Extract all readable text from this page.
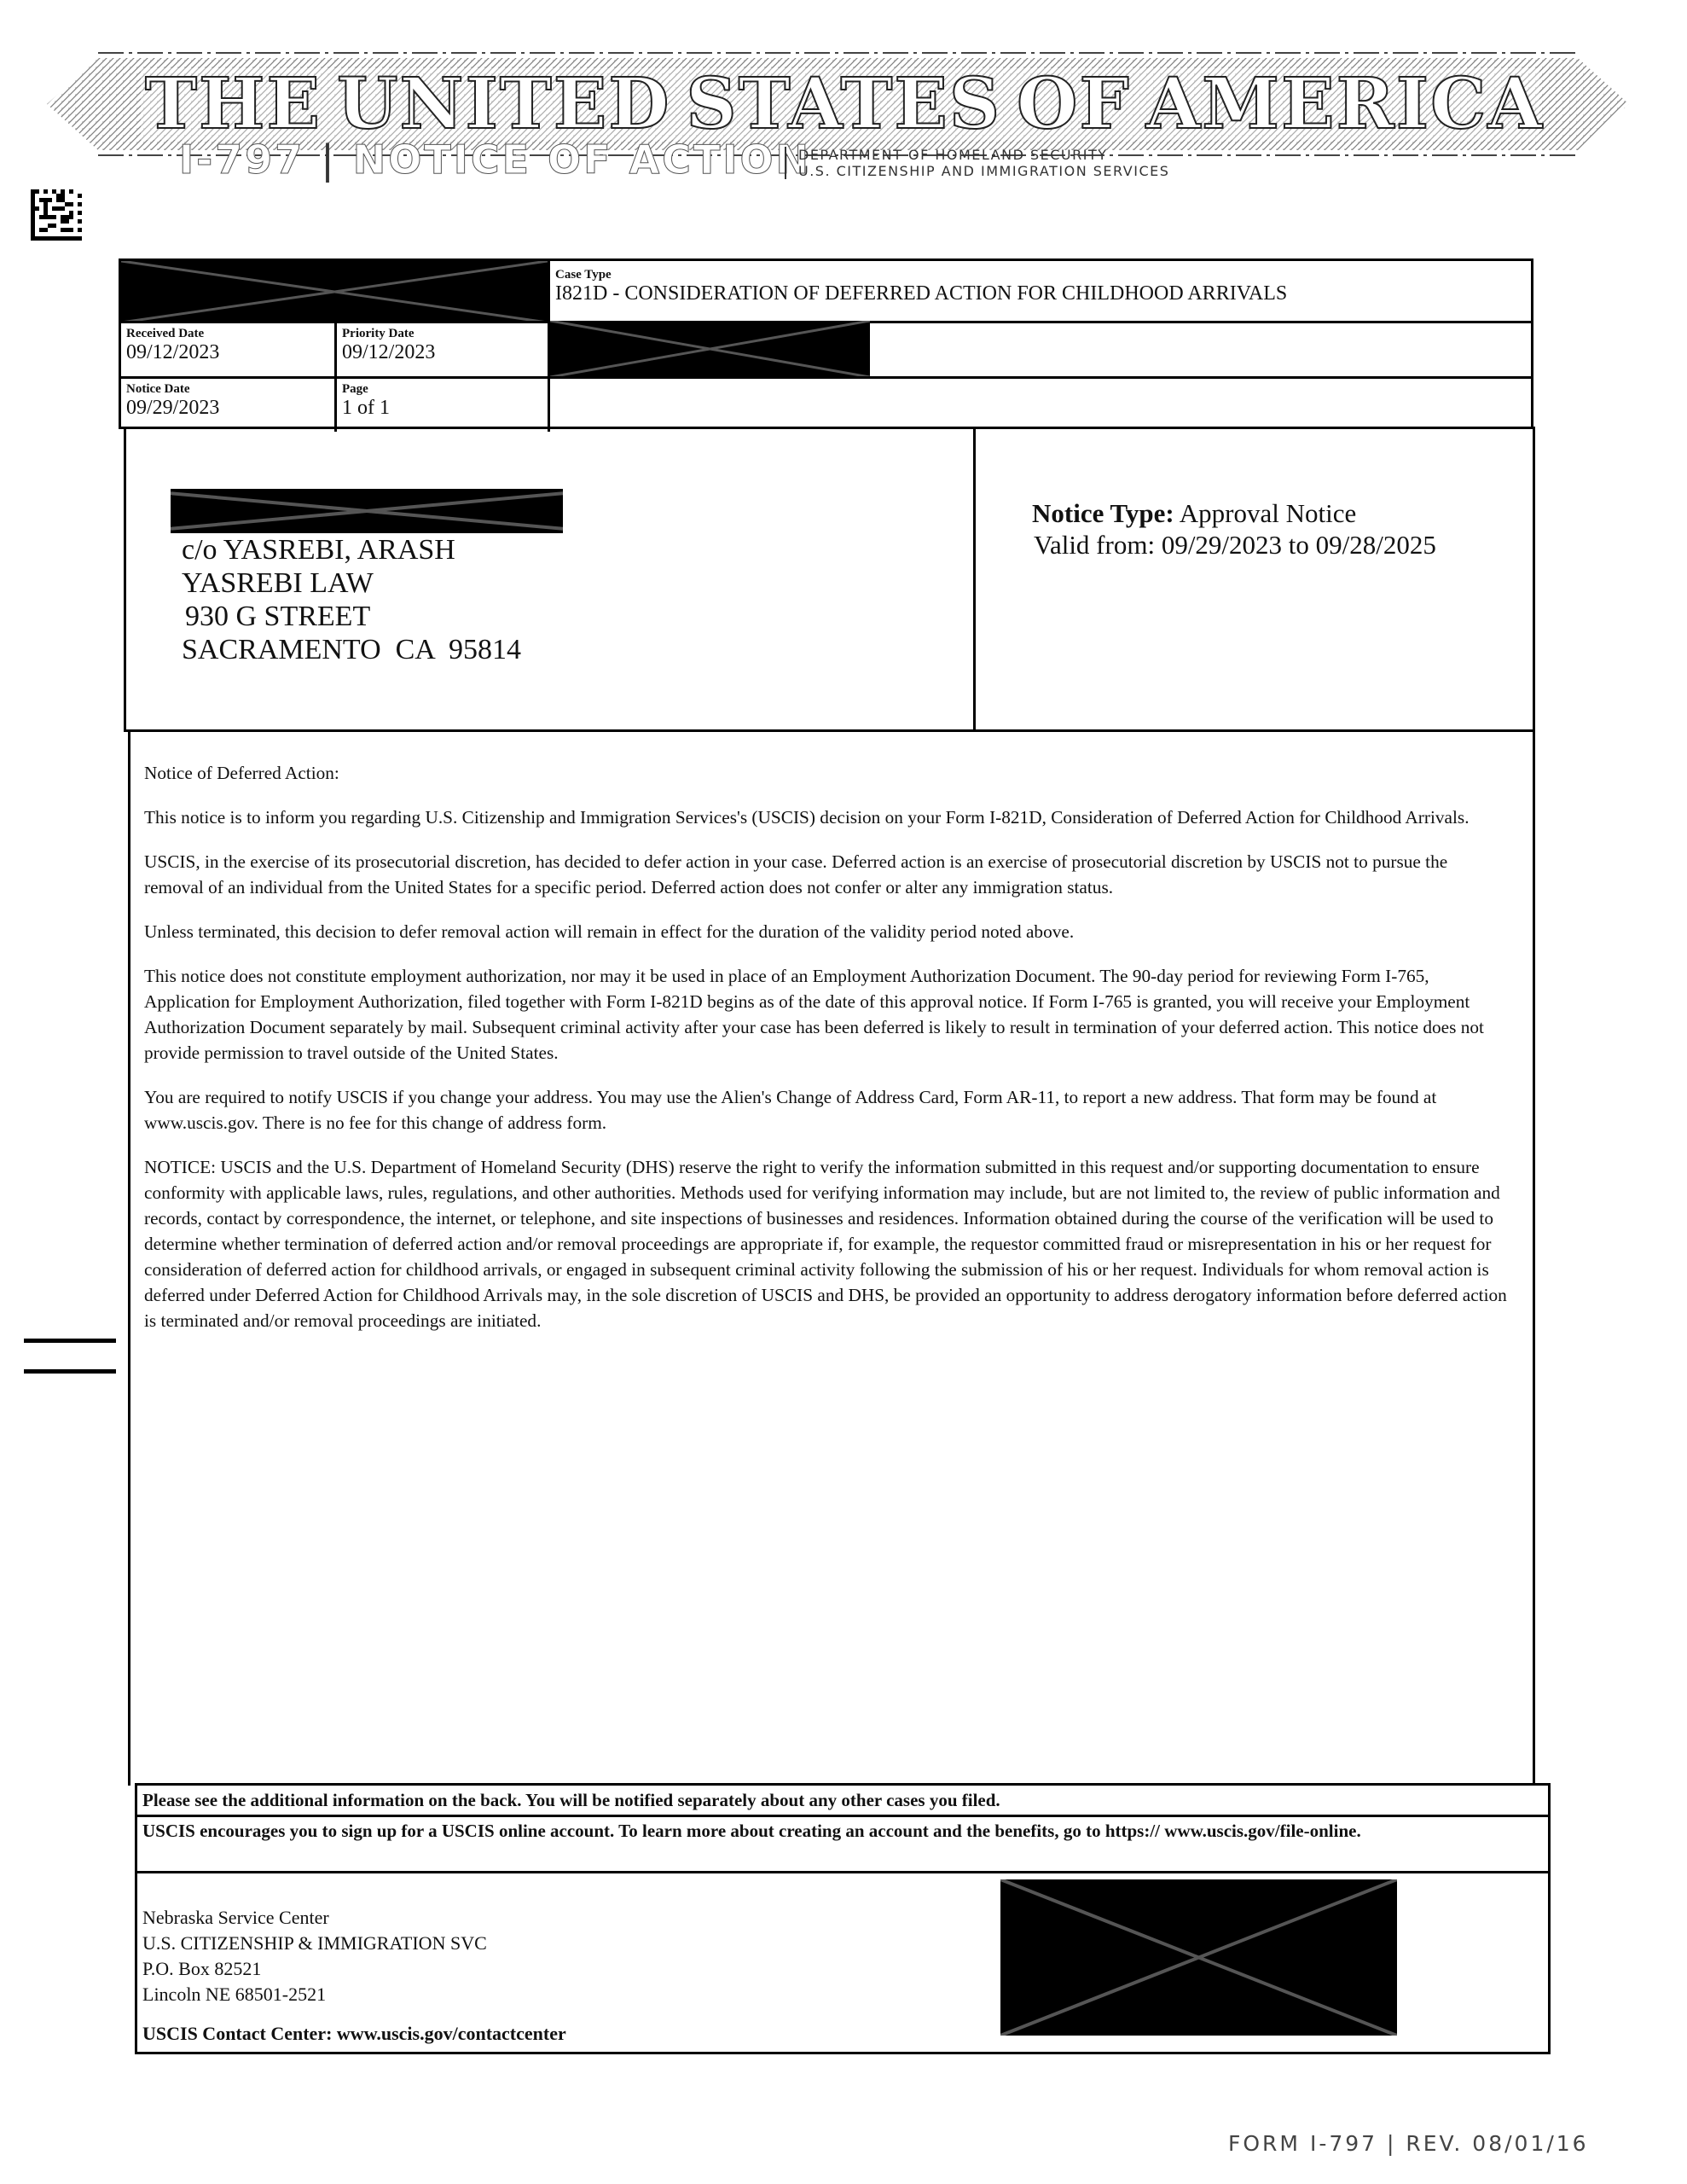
THE UNITED STATES OF AMERICA
I-797 | NOTICE OF ACTION
DEPARTMENT OF HOMELAND SECURITY
U.S. CITIZENSHIP AND IMMIGRATION SERVICES
Case Type
I821D - CONSIDERATION OF DEFERRED ACTION FOR CHILDHOOD ARRIVALS
Received Date
09/12/2023
Priority Date
09/12/2023
Notice Date
09/29/2023
Page
1 of 1
c/o YASREBI, ARASH
YASREBI LAW
930 G STREET
SACRAMENTO  CA  95814
Notice Type: Approval Notice
Valid from: 09/29/2023 to 09/28/2025

Notice of Deferred Action:

This notice is to inform you regarding U.S. Citizenship and Immigration Services's (USCIS) decision on your Form I-821D, Consideration of Deferred Action for Childhood Arrivals.

USCIS, in the exercise of its prosecutorial discretion, has decided to defer action in your case. Deferred action is an exercise of prosecutorial discretion by USCIS not to pursue the removal of an individual from the United States for a specific period. Deferred action does not confer or alter any immigration status.

Unless terminated, this decision to defer removal action will remain in effect for the duration of the validity period noted above.

This notice does not constitute employment authorization, nor may it be used in place of an Employment Authorization Document. The 90-day period for reviewing Form I-765, Application for Employment Authorization, filed together with Form I-821D begins as of the date of this approval notice. If Form I-765 is granted, you will receive your Employment Authorization Document separately by mail. Subsequent criminal activity after your case has been deferred is likely to result in termination of your deferred action. This notice does not provide permission to travel outside of the United States.

You are required to notify USCIS if you change your address. You may use the Alien's Change of Address Card, Form AR-11, to report a new address. That form may be found at www.uscis.gov. There is no fee for this change of address form.

NOTICE: USCIS and the U.S. Department of Homeland Security (DHS) reserve the right to verify the information submitted in this request and/or supporting documentation to ensure conformity with applicable laws, rules, regulations, and other authorities. Methods used for verifying information may include, but are not limited to, the review of public information and records, contact by correspondence, the internet, or telephone, and site inspections of businesses and residences. Information obtained during the course of the verification will be used to determine whether termination of deferred action and/or removal proceedings are appropriate if, for example, the requestor committed fraud or misrepresentation in his or her request for consideration of deferred action for childhood arrivals, or engaged in subsequent criminal activity following the submission of his or her request. Individuals for whom removal action is deferred under Deferred Action for Childhood Arrivals may, in the sole discretion of USCIS and DHS, be provided an opportunity to address derogatory information before deferred action is terminated and/or removal proceedings are initiated.

Please see the additional information on the back. You will be notified separately about any other cases you filed.
USCIS encourages you to sign up for a USCIS online account. To learn more about creating an account and the benefits, go to https:// www.uscis.gov/file-online.
Nebraska Service Center
U.S. CITIZENSHIP & IMMIGRATION SVC
P.O. Box 82521
Lincoln NE 68501-2521
USCIS Contact Center: www.uscis.gov/contactcenter
FORM I-797 | REV. 08/01/16
